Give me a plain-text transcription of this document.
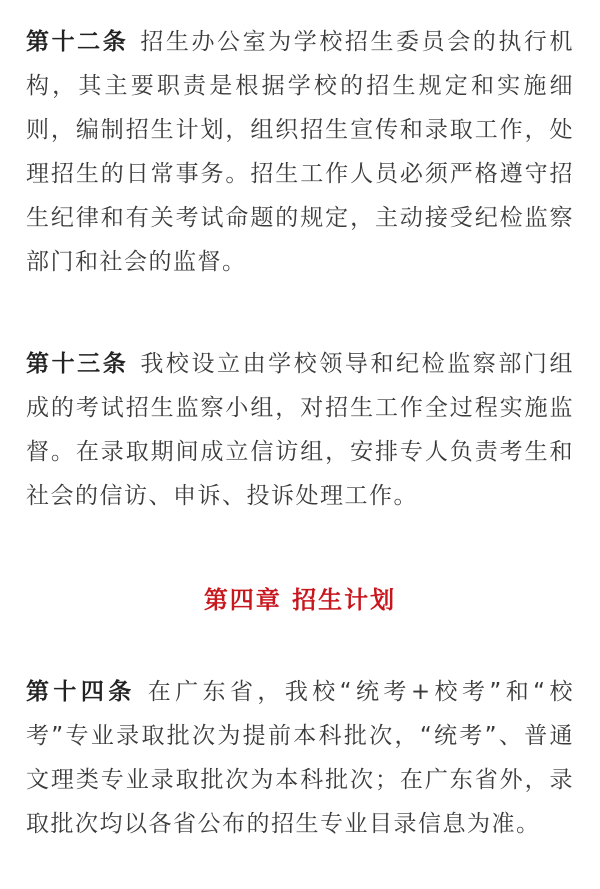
第十二条 招生办公室为学校招生委员会的执行机构，其主要职责是根据学校的招生规定和实施细则，编制招生计划，组织招生宣传和录取工作，处理招生的日常事务。招生工作人员必须严格遵守招生纪律和有关考试命题的规定，主动接受纪检监察部门和社会的监督。

第十三条 我校设立由学校领导和纪检监察部门组成的考试招生监察小组，对招生工作全过程实施监督。在录取期间成立信访组，安排专人负责考生和社会的信访、申诉、投诉处理工作。

第四章 招生计划

第十四条 在广东省，我校“统考+校考”和“校考”专业录取批次为提前本科批次，“统考”、普通文理类专业录取批次为本科批次；在广东省外，录取批次均以各省公布的招生专业目录信息为准。
